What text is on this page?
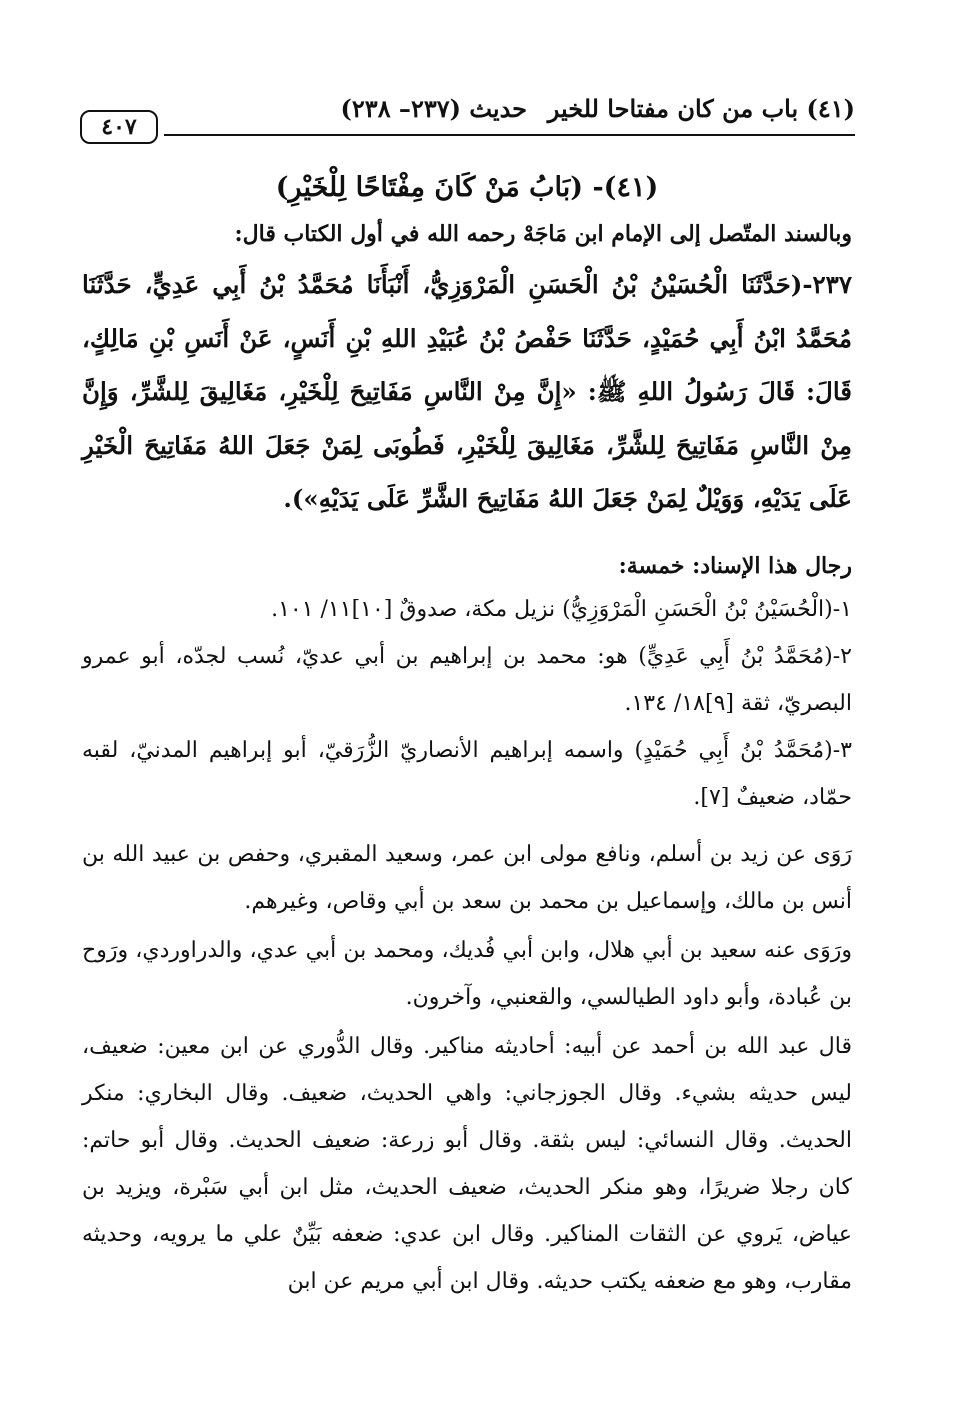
(٤١) باب من كان مفتاحا للخير
حديث (٢٣٧– ٢٣٨)
٤٠٧
(٤١)- (بَابُ مَنْ كَانَ مِفْتَاحًا لِلْخَيْرِ)
وبالسند المتّصل إلى الإمام ابن مَاجَهْ رحمه الله في أول الكتاب قال:
٢٣٧-(حَدَّثَنَا الْحُسَيْنُ بْنُ الْحَسَنِ الْمَرْوَزِيُّ، أَنْبَأَنَا مُحَمَّدُ بْنُ أَبِي عَدِيٍّ، حَدَّثَنَا مُحَمَّدُ ابْنُ أَبِي حُمَيْدٍ، حَدَّثَنَا حَفْصُ بْنُ عُبَيْدِ اللهِ بْنِ أَنَسٍ، عَنْ أَنَسِ بْنِ مَالِكٍ، قَالَ: قَالَ رَسُولُ اللهِ ﷺ: «إِنَّ مِنْ النَّاسِ مَفَاتِيحَ لِلْخَيْرِ، مَغَالِيقَ لِلشَّرِّ، وَإِنَّ مِنْ النَّاسِ مَفَاتِيحَ لِلشَّرِّ، مَغَالِيقَ لِلْخَيْرِ، فَطُوبَى لِمَنْ جَعَلَ اللهُ مَفَاتِيحَ الْخَيْرِ عَلَى يَدَيْهِ، وَوَيْلٌ لِمَنْ جَعَلَ اللهُ مَفَاتِيحَ الشَّرِّ عَلَى يَدَيْهِ»).
رجال هذا الإسناد: خمسة:
١-(الْحُسَيْنُ بْنُ الْحَسَنِ الْمَرْوَزِيُّ) نزيل مكة، صدوقٌ [١٠]١١/ ١٠١.
٢-(مُحَمَّدُ بْنُ أَبِي عَدِيٍّ) هو: محمد بن إبراهيم بن أبي عديّ، نُسب لجدّه، أبو عمرو البصريّ، ثقة [٩]١٨/ ١٣٤.
٣-(مُحَمَّدُ بْنُ أَبِي حُمَيْدٍ) واسمه إبراهيم الأنصاريّ الزُّرَقيّ، أبو إبراهيم المدنيّ، لقبه حمّاد، ضعيفٌ [٧].
رَوَى عن زيد بن أسلم، ونافع مولى ابن عمر، وسعيد المقبري، وحفص بن عبيد الله بن أنس بن مالك، وإسماعيل بن محمد بن سعد بن أبي وقاص، وغيرهم.
ورَوَى عنه سعيد بن أبي هلال، وابن أبي فُديك، ومحمد بن أبي عدي، والدراوردي، ورَوح بن عُبادة، وأبو داود الطيالسي، والقعنبي، وآخرون.
قال عبد الله بن أحمد عن أبيه: أحاديثه مناكير. وقال الدُّوري عن ابن معين: ضعيف، ليس حديثه بشيء. وقال الجوزجاني: واهي الحديث، ضعيف. وقال البخاري: منكر الحديث. وقال النسائي: ليس بثقة. وقال أبو زرعة: ضعيف الحديث. وقال أبو حاتم: كان رجلا ضريرًا، وهو منكر الحديث، ضعيف الحديث، مثل ابن أبي سَبْرة، ويزيد بن عياض، يَروي عن الثقات المناكير. وقال ابن عدي: ضعفه بَيِّنٌ علي ما يرويه، وحديثه مقارب، وهو مع ضعفه يكتب حديثه. وقال ابن أبي مريم عن ابن
